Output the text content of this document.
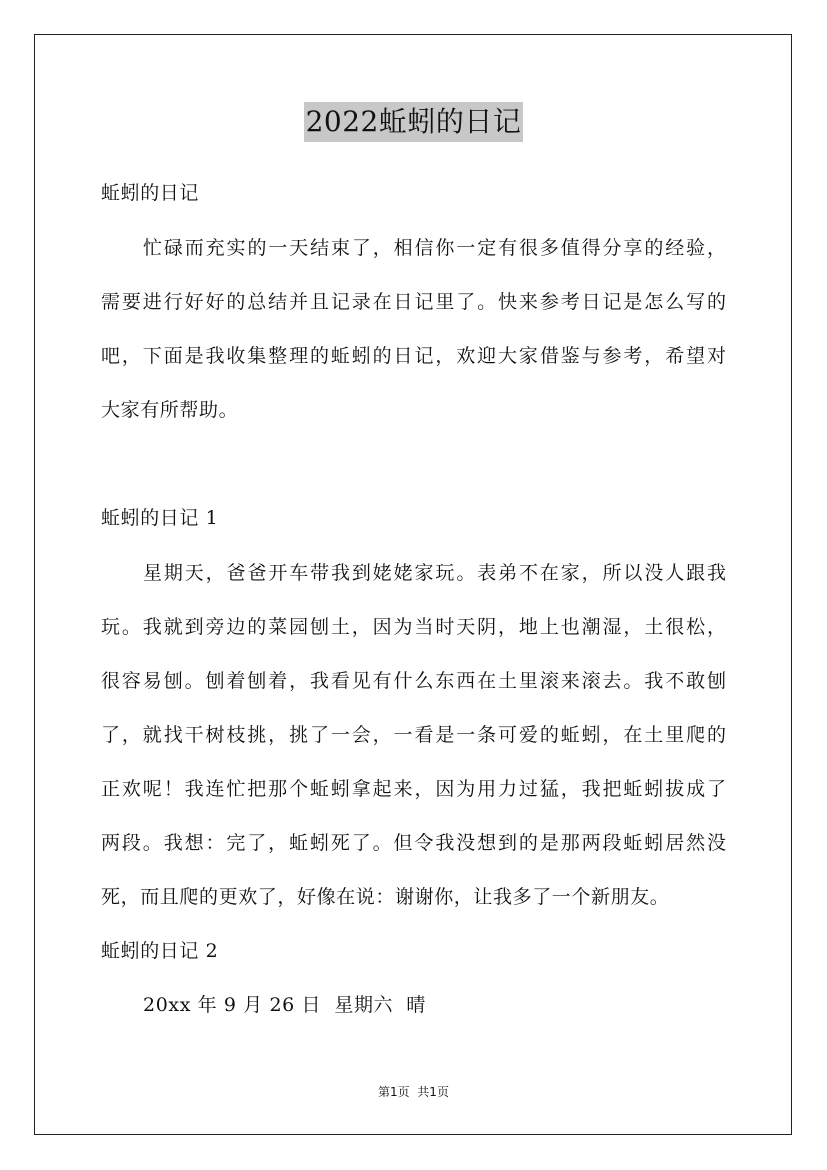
2022蚯蚓的日记
蚯蚓的日记
忙碌而充实的一天结束了，相信你一定有很多值得分享的经验，
需要进行好好的总结并且记录在日记里了。快来参考日记是怎么写的
吧，下面是我收集整理的蚯蚓的日记，欢迎大家借鉴与参考，希望对
大家有所帮助。
蚯蚓的日记 1
星期天，爸爸开车带我到姥姥家玩。表弟不在家，所以没人跟我
玩。我就到旁边的菜园刨土，因为当时天阴，地上也潮湿，土很松，
很容易刨。刨着刨着，我看见有什么东西在土里滚来滚去。我不敢刨
了，就找干树枝挑，挑了一会，一看是一条可爱的蚯蚓，在土里爬的
正欢呢！我连忙把那个蚯蚓拿起来，因为用力过猛，我把蚯蚓拔成了
两段。我想：完了，蚯蚓死了。但令我没想到的是那两段蚯蚓居然没
死，而且爬的更欢了，好像在说：谢谢你，让我多了一个新朋友。
蚯蚓的日记 2
20xx 年 9 月 26 日  星期六  晴
第1页  共1页
